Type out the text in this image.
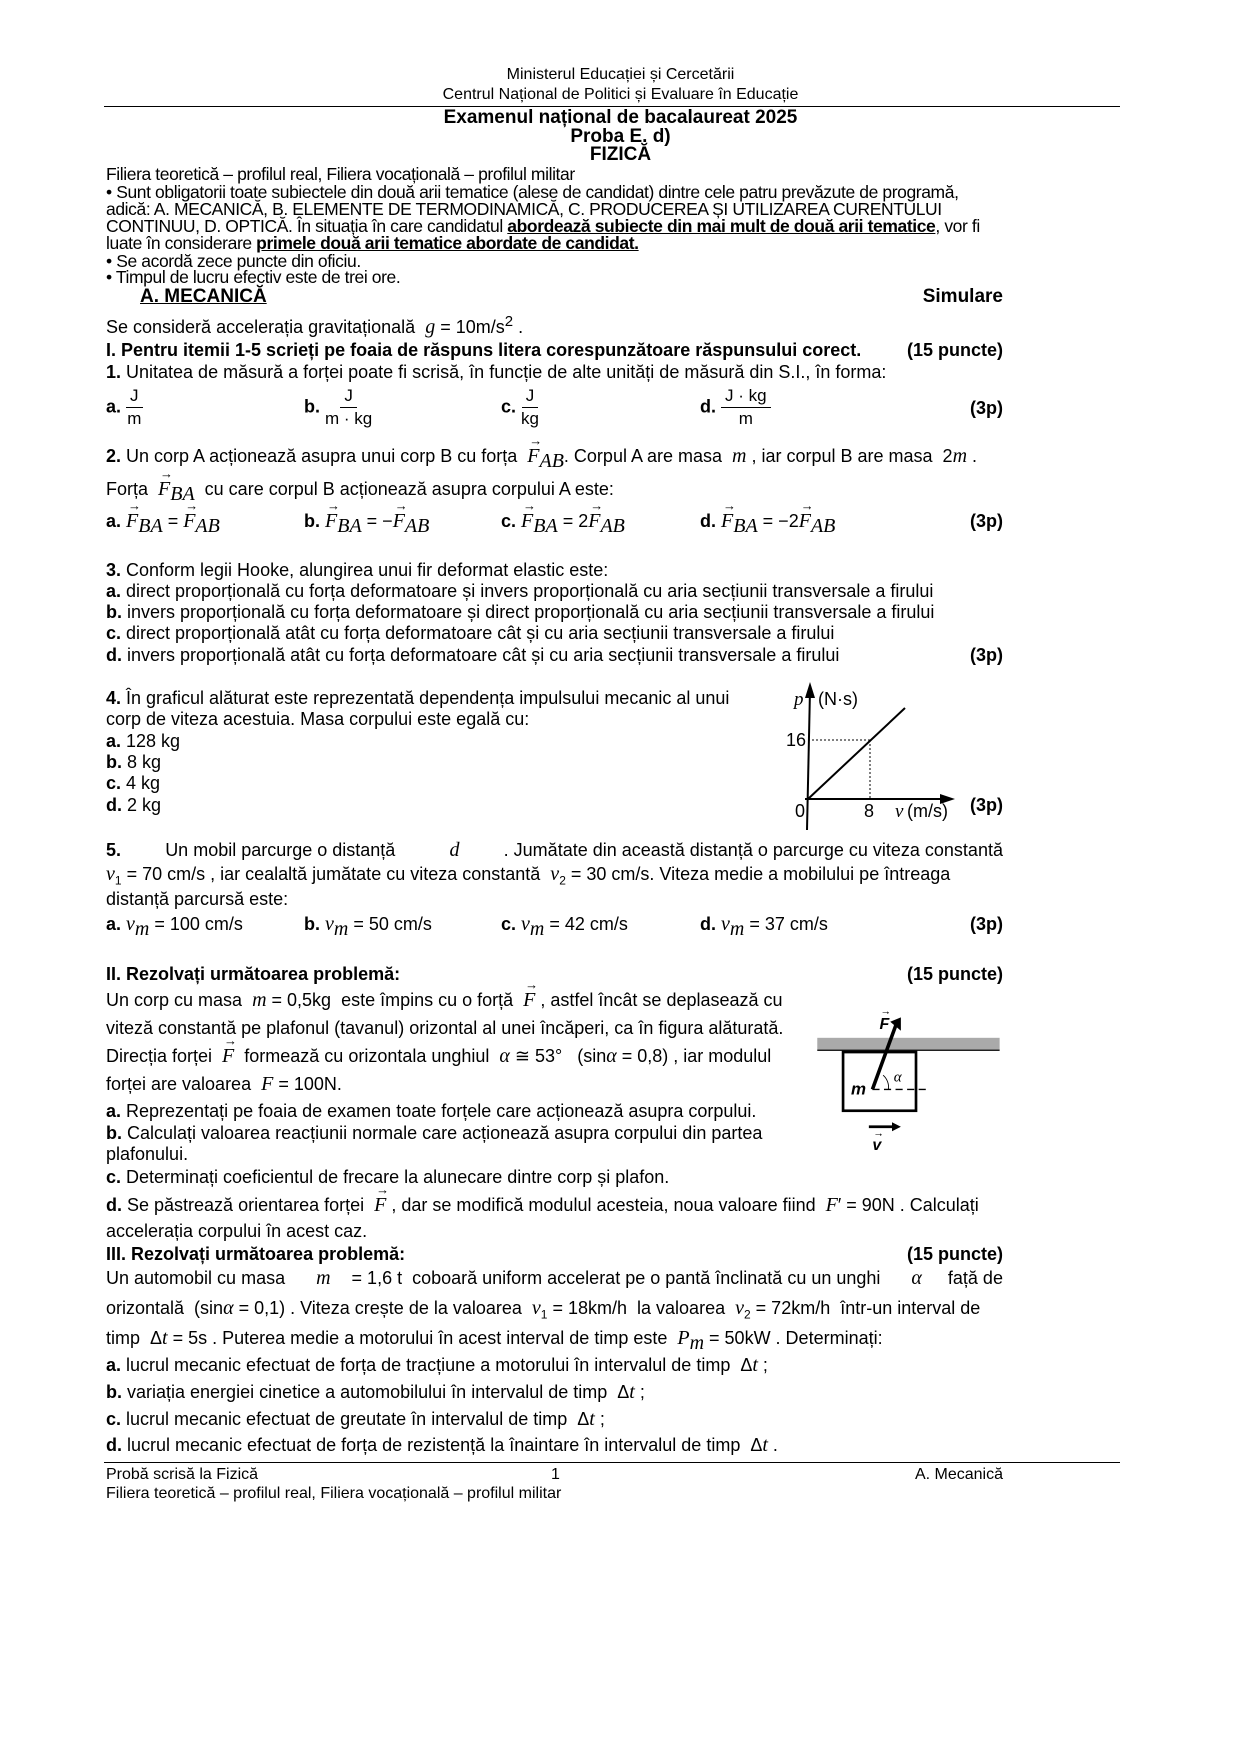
Ministerul Educației și Cercetării
Centrul Național de Politici și Evaluare în Educație
Examenul național de bacalaureat 2025
Proba E. d)
FIZICĂ
Filiera teoretică – profilul real, Filiera vocațională – profilul militar
• Sunt obligatorii toate subiectele din două arii tematice (alese de candidat) dintre cele patru prevăzute de programă,
adică: A. MECANICĂ, B. ELEMENTE DE TERMODINAMICĂ, C. PRODUCEREA ȘI UTILIZAREA CURENTULUI
CONTINUU, D. OPTICĂ. În situația în care candidatul abordează subiecte din mai mult de două arii tematice, vor fi
luate în considerare primele două arii tematice abordate de candidat.
• Se acordă zece puncte din oficiu.
• Timpul de lucru efectiv este de trei ore.
A. MECANICĂ	Simulare
Se consideră accelerația gravitațională  $g = 10m/s^2$ .
I. Pentru itemii 1-5 scrieți pe foaia de răspuns litera corespunzătoare răspunsului corect.	(15 puncte)
1. Unitatea de măsură a forței poate fi scrisă, în funcție de alte unități de măsură din S.I., în forma:
a. $\frac{J}{m}$	b. $\frac{J}{m \cdot kg}$	c. $\frac{J}{kg}$	d. $\frac{J \cdot kg}{m}$	(3p)
2. Un corp A acționează asupra unui corp B cu forța  → $F_{AB}$. Corpul A are masa  m , iar corpul B are masa  2m .
Forța  → $F_{BA}$  cu care corpul B acționează asupra corpului A este:
a. → $F_{BA}$ = → $F_{AB}$	b. → $F_{BA}$ = −→ $F_{AB}$	c. → $F_{BA} = 2\to F_{AB}$	d. → $F_{BA} = -2\to F_{AB}$	(3p)
3. Conform legii Hooke, alungirea unui fir deformat elastic este:
a. direct proporțională cu forța deformatoare și invers proporțională cu aria secțiunii transversale a firului
b. invers proporțională cu forța deformatoare și direct proporțională cu aria secțiunii transversale a firului
c. direct proporțională atât cu forța deformatoare cât și cu aria secțiunii transversale a firului
d. invers proporțională atât cu forța deformatoare cât și cu aria secțiunii transversale a firului	(3p)
4. În graficul alăturat este reprezentată dependența impulsului mecanic al unui
corp de viteza acestuia. Masa corpului este egală cu:
a. 128 kg
b. 8 kg
c. 4 kg
d. 2 kg	(3p)
16
0	8
p (N·s)
v (m/s)
5. Un mobil parcurge o distanță d . Jumătate din această distanță o parcurge cu viteza constantă
$v_1 = 70$ cm/s , iar cealaltă jumătate cu viteza constantă  $v_2 = 30$ cm/s. Viteza medie a mobilului pe întreaga
distanță parcursă este:
a. $v_m = 100$ cm/s	b. $v_m = 50$ cm/s	c. $v_m = 42$ cm/s	d. $v_m = 37$ cm/s	(3p)
II. Rezolvați următoarea problemă:	(15 puncte)
Un corp cu masa  m = 0,5kg  este împins cu o forță  → F , astfel încât se deplasează cu
viteză constantă pe plafonul (tavanul) orizontal al unei încăperi, ca în figura alăturată.
Direcția forței  → F  formează cu orizontala unghiul  α ≅ 53°   (sinα = 0,8) , iar modulul
forței are valoarea  F = 100N.
a. Reprezentați pe foaia de examen toate forțele care acționează asupra corpului.
b. Calculați valoarea reacțiunii normale care acționează asupra corpului din partea
plafonului.
c. Determinați coeficientul de frecare la alunecare dintre corp și plafon.
d. Se păstrează orientarea forței  → F , dar se modifică modulul acesteia, noua valoare fiind  F′ = 90N . Calculați
accelerația corpului în acest caz.
α
m
F
→
v
→
III. Rezolvați următoarea problemă:	(15 puncte)
Un automobil cu masa m = 1,6 t  coboară uniform accelerat pe o pantă înclinată cu un unghi α față de
orizontală  (sinα = 0,1) . Viteza crește de la valoarea  $v_1 = 18km/h$  la valoarea  $v_2 = 72km/h$  într-un interval de
timp  Δt = 5s . Puterea medie a motorului în acest interval de timp este  $P_m = 50kW$ . Determinați:
a. lucrul mecanic efectuat de forța de tracțiune a motorului în intervalul de timp  Δt ;
b. variația energiei cinetice a automobilului în intervalul de timp  Δt ;
c. lucrul mecanic efectuat de greutate în intervalul de timp  Δt ;
d. lucrul mecanic efectuat de forța de rezistență la înaintare în intervalul de timp  Δt .
Probă scrisă la Fizică	1	A. Mecanică
Filiera teoretică – profilul real, Filiera vocațională – profilul militar
